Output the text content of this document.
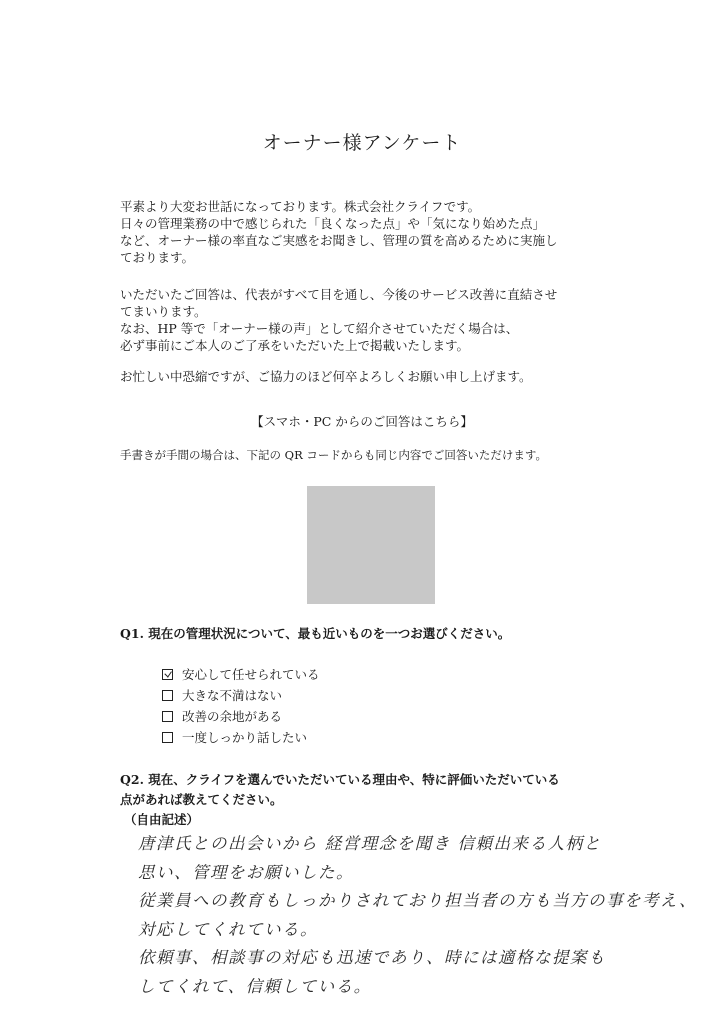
オーナー様アンケート
平素より大変お世話になっております。株式会社クライフです。
日々の管理業務の中で感じられた「良くなった点」や「気になり始めた点」
など、オーナー様の率直なご実感をお聞きし、管理の質を高めるために実施し
ております。
いただいたご回答は、代表がすべて目を通し、今後のサービス改善に直結させ
てまいります。
なお、HP 等で「オーナー様の声」として紹介させていただく場合は、
必ず事前にご本人のご了承をいただいた上で掲載いたします。
お忙しい中恐縮ですが、ご協力のほど何卒よろしくお願い申し上げます。
【スマホ・PC からのご回答はこちら】
手書きが手間の場合は、下記の QR コードからも同じ内容でご回答いただけます。
Q1. 現在の管理状況について、最も近いものを一つお選びください。
安心して任せられている
大きな不満はない
改善の余地がある
一度しっかり話したい
Q2. 現在、クライフを選んでいただいている理由や、特に評価いただいている
点があれば教えてください。
（自由記述）
唐津氏との出会いから 経営理念を聞き 信頼出来る人柄と
思い、管理をお願いした。
従業員への教育もしっかりされており担当者の方も当方の事を考え、
対応してくれている。
依頼事、相談事の対応も迅速であり、時には適格な提案も
してくれて、信頼している。
